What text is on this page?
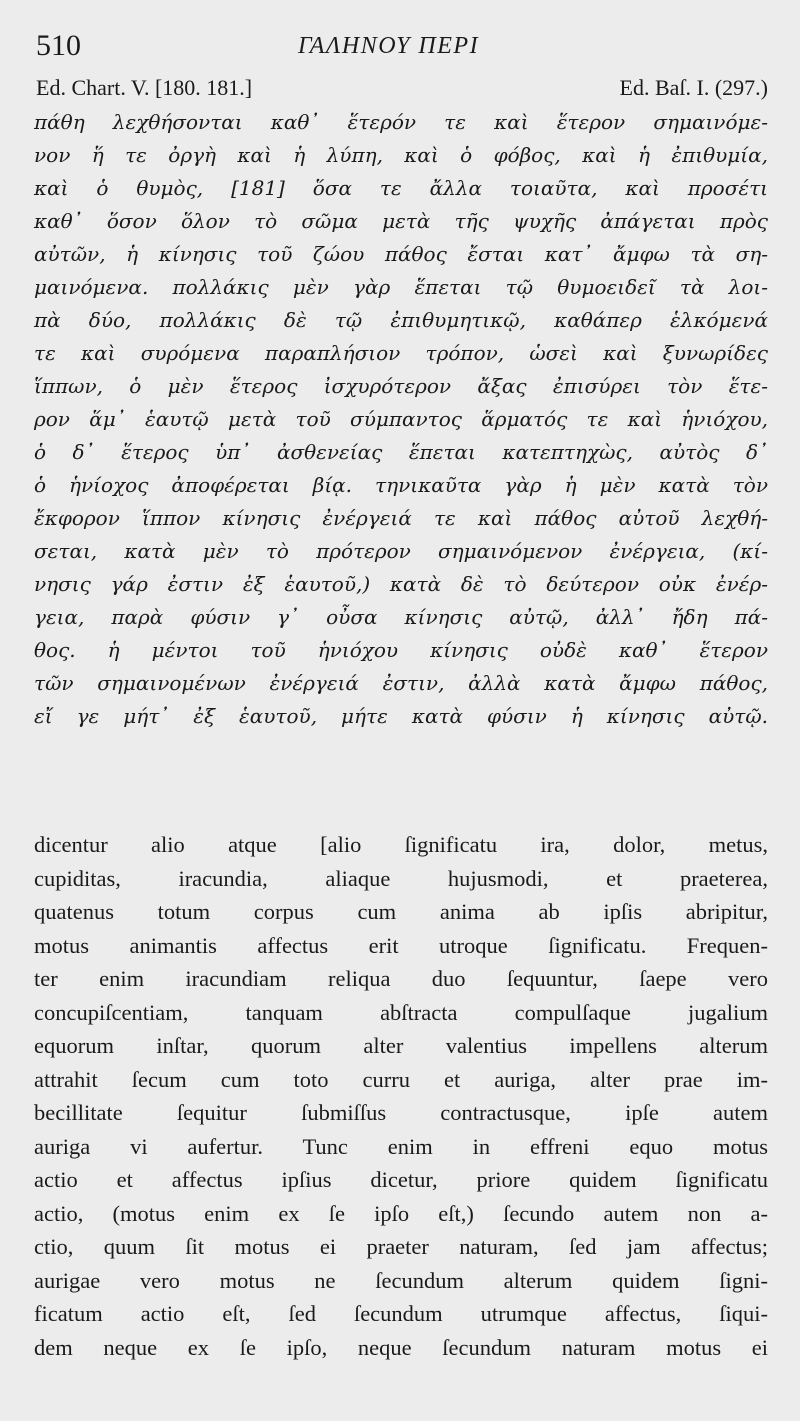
510	ΓΑΛΗΝΟΥ ΠΕΡΙ
Ed. Chart. V. [180. 181.]	Ed. Baſ. I. (297.)
πάθη λεχθήσονται καθ᾽ ἕτερόν τε καὶ ἕτερον σημαινόμε-
νον ἥ τε ὀργὴ καὶ ἡ λύπη, καὶ ὁ φόβος, καὶ ἡ ἐπιθυμία,
καὶ ὁ θυμὸς, [181] ὅσα τε ἄλλα τοιαῦτα, καὶ προσέτι
καθ᾽ ὅσον ὅλον τὸ σῶμα μετὰ τῆς ψυχῆς ἀπάγεται πρὸς
αὐτῶν, ἡ κίνησις τοῦ ζώου πάθος ἔσται κατ᾽ ἄμφω τὰ ση-
μαινόμενα. πολλάκις μὲν γὰρ ἕπεται τῷ θυμοειδεῖ τὰ λοι-
πὰ δύο, πολλάκις δὲ τῷ ἐπιθυμητικῷ, καθάπερ ἑλκόμενά
τε καὶ συρόμενα παραπλήσιον τρόπον, ὡσεὶ καὶ ξυνωρίδες
ἵππων, ὁ μὲν ἕτερος ἰσχυρότερον ἄξας ἐπισύρει τὸν ἕτε-
ρον ἅμ᾽ ἑαυτῷ μετὰ τοῦ σύμπαντος ἅρματός τε καὶ ἡνιόχου,
ὁ δ᾽ ἕτερος ὑπ᾽ ἀσθενείας ἕπεται κατεπτηχὼς, αὐτὸς δ᾽
ὁ ἡνίοχος ἀποφέρεται βίᾳ. τηνικαῦτα γὰρ ἡ μὲν κατὰ τὸν
ἔκφορον ἵππον κίνησις ἐνέργειά τε καὶ πάθος αὐτοῦ λεχθή-
σεται, κατὰ μὲν τὸ πρότερον σημαινόμενον ἐνέργεια, (κί-
νησις γάρ ἐστιν ἐξ ἑαυτοῦ,) κατὰ δὲ τὸ δεύτερον οὐκ ἐνέρ-
γεια, παρὰ φύσιν γ᾽ οὖσα κίνησις αὐτῷ, ἀλλ᾽ ἤδη πά-
θος. ἡ μέντοι τοῦ ἡνιόχου κίνησις οὐδὲ καθ᾽ ἕτερον
τῶν σημαινομένων ἐνέργειά ἐστιν, ἀλλὰ κατὰ ἄμφω πάθος,
εἴ γε μήτ᾽ ἐξ ἑαυτοῦ, μήτε κατὰ φύσιν ἡ κίνησις αὐτῷ.
dicentur alio atque [alio ſignificatu ira, dolor, metus,
cupiditas, iracundia, aliaque hujusmodi, et praeterea,
quatenus totum corpus cum anima ab ipſis abripitur,
motus animantis affectus erit utroque ſignificatu. Frequen-
ter enim iracundiam reliqua duo ſequuntur, ſaepe vero
concupiſcentiam, tanquam abſtracta compulſaque jugalium
equorum inſtar, quorum alter valentius impellens alterum
attrahit ſecum cum toto curru et auriga, alter prae im-
becillitate ſequitur ſubmiſſus contractusque, ipſe autem
auriga vi aufertur. Tunc enim in effreni equo motus
actio et affectus ipſius dicetur, priore quidem ſignificatu
actio, (motus enim ex ſe ipſo eſt,) ſecundo autem non a-
ctio, quum ſit motus ei praeter naturam, ſed jam affectus;
aurigae vero motus ne ſecundum alterum quidem ſigni-
ficatum actio eſt, ſed ſecundum utrumque affectus, ſiqui-
dem neque ex ſe ipſo, neque ſecundum naturam motus ei
